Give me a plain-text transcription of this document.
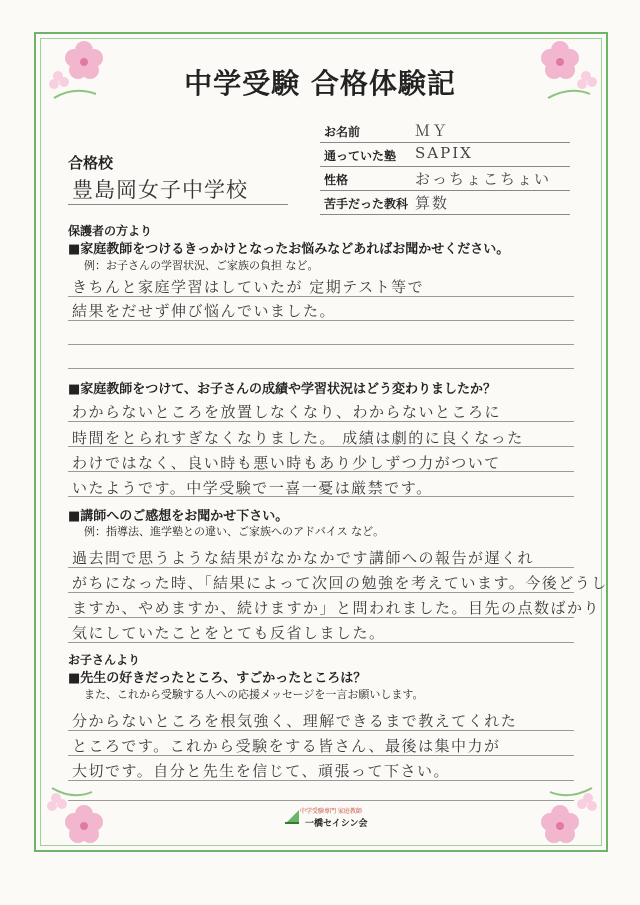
中学受験 合格体験記
お名前	ＭＹ
通っていた塾 SAPIX
性格	おっちょこちょい
苦手だった教科 算数
合格校
豊島岡女子中学校
保護者の方より
■家庭教師をつけるきっかけとなったお悩みなどあればお聞かせください。
例：お子さんの学習状況、ご家族の負担 など。
きちんと家庭学習はしていたが 定期テスト等で
結果をだせず伸び悩んでいました。
■家庭教師をつけて、お子さんの成績や学習状況はどう変わりましたか？
わからないところを放置しなくなり、わからないところに
時間をとられすぎなくなりました。 成績は劇的に良くなった
わけではなく、良い時も悪い時もあり少しずつ力がついて
いたようです。中学受験で一喜一憂は厳禁です。
■講師へのご感想をお聞かせ下さい。
例：指導法、進学塾との違い、ご家族へのアドバイス など。
過去問で思うような結果がなかなかです講師への報告が遅くれ
がちになった時、「結果によって次回の勉強を考えています。今後どうし
ますか、やめますか、続けますか」と問われました。目先の点数ばかり
気にしていたことをとても反省しました。
お子さんより
■先生の好きだったところ、すごかったところは？
また、これから受験する人への応援メッセージを一言お願いします。
分からないところを根気強く、理解できるまで教えてくれた
ところです。これから受験をする皆さん、最後は集中力が
大切です。自分と先生を信じて、頑張って下さい。
中学受験専門 家庭教師
一橋セイシン会
